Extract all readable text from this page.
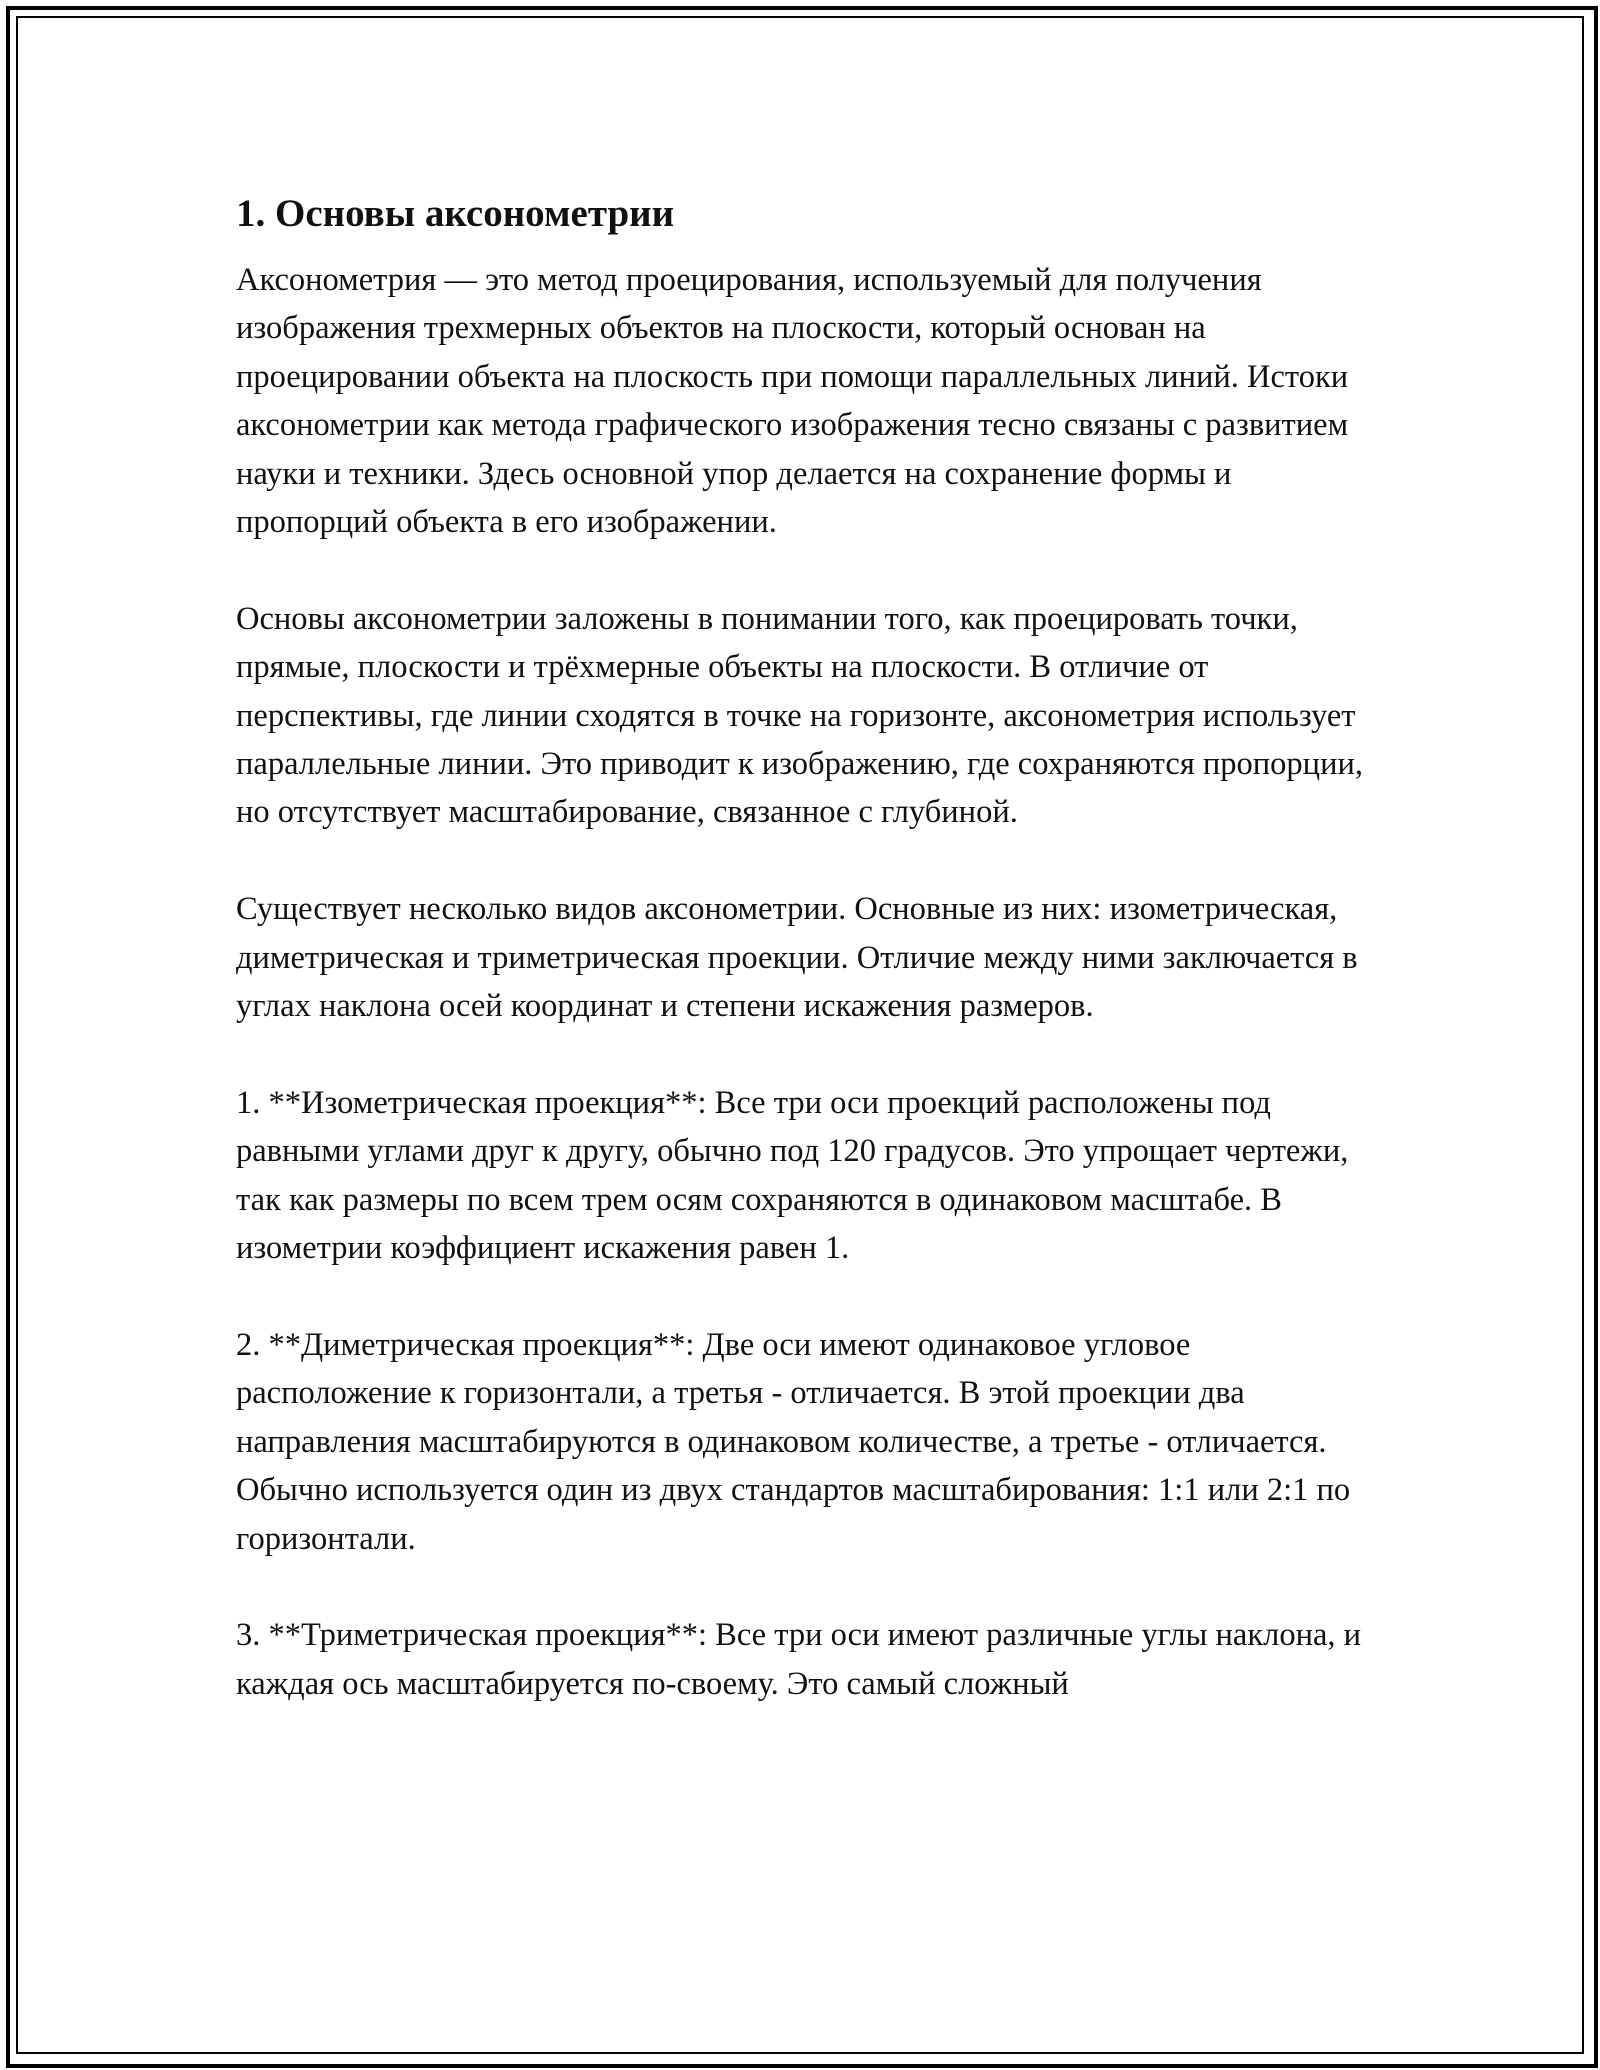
1. Основы аксонометрии

Аксонометрия — это метод проецирования, используемый для получения изображения трехмерных объектов на плоскости, который основан на проецировании объекта на плоскость при помощи параллельных линий. Истоки аксонометрии как метода графического изображения тесно связаны с развитием науки и техники. Здесь основной упор делается на сохранение формы и пропорций объекта в его изображении.

Основы аксонометрии заложены в понимании того, как проецировать точки, прямые, плоскости и трёхмерные объекты на плоскости. В отличие от перспективы, где линии сходятся в точке на горизонте, аксонометрия использует параллельные линии. Это приводит к изображению, где сохраняются пропорции, но отсутствует масштабирование, связанное с глубиной.

Существует несколько видов аксонометрии. Основные из них: изометрическая, диметрическая и триметрическая проекции. Отличие между ними заключается в углах наклона осей координат и степени искажения размеров.

1. **Изометрическая проекция**: Все три оси проекций расположены под равными углами друг к другу, обычно под 120 градусов. Это упрощает чертежи, так как размеры по всем трем осям сохраняются в одинаковом масштабе. В изометрии коэффициент искажения равен 1.

2. **Диметрическая проекция**: Две оси имеют одинаковое угловое расположение к горизонтали, а третья - отличается. В этой проекции два направления масштабируются в одинаковом количестве, а третье - отличается. Обычно используется один из двух стандартов масштабирования: 1:1 или 2:1 по горизонтали.

3. **Триметрическая проекция**: Все три оси имеют различные углы наклона, и каждая ось масштабируется по-своему. Это самый сложный
